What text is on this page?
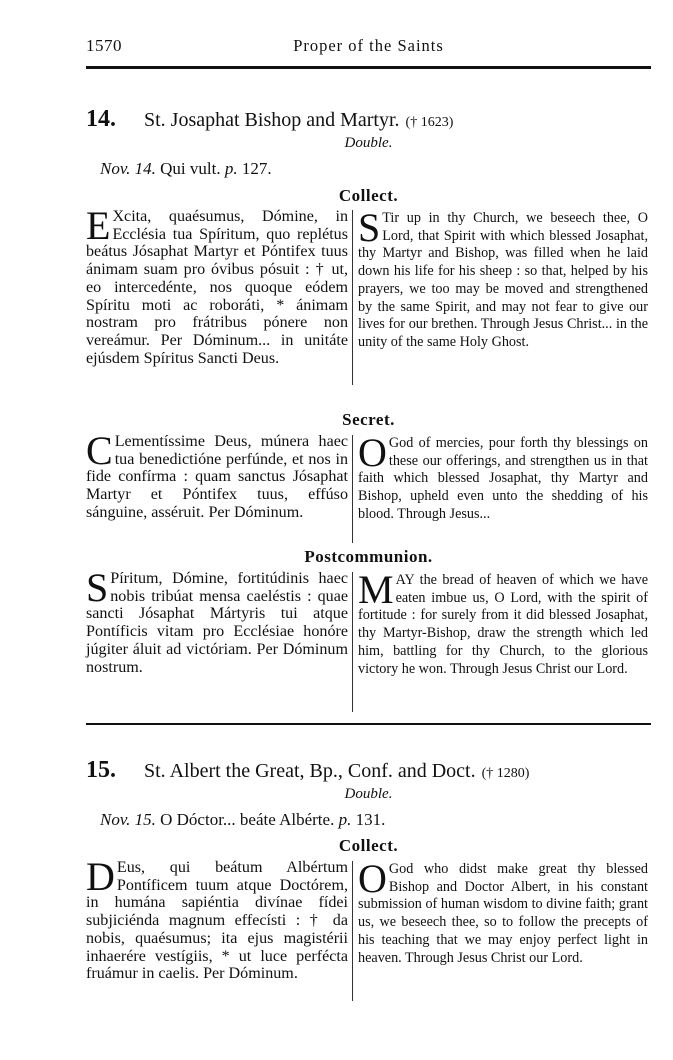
1570	Proper of the Saints
14. St. Josaphat Bishop and Martyr. († 1623)
Double.
Nov. 14. Qui vult. p. 127.
Collect.

E Xcita, quaésumus, Dómine, in Ecclésia tua Spíritum, quo replétus beátus Jósaphat Martyr et Póntifex tuus ánimam suam pro óvibus pósuit : † ut, eo intercedénte, nos quoque eódem Spíritu moti ac roboráti, * ánimam nostram pro frátribus pónere non vereámur. Per Dóminum... in unitáte ejúsdem Spíritus Sancti Deus.

S Tir up in thy Church, we beseech thee, O Lord, that Spirit with which blessed Josaphat, thy Martyr and Bishop, was filled when he laid down his life for his sheep : so that, helped by his prayers, we too may be moved and strengthened by the same Spirit, and may not fear to give our lives for our brethen. Through Jesus Christ... in the unity of the same Holy Ghost.

Secret.

C Lementíssime Deus, múnera haec tua benedictióne perfúnde, et nos in fide confírma : quam sanctus Jósaphat Martyr et Póntifex tuus, effúso sánguine, asséruit. Per Dóminum.

O God of mercies, pour forth thy blessings on these our offerings, and strengthen us in that faith which blessed Josaphat, thy Martyr and Bishop, upheld even unto the shedding of his blood. Through Jesus...

Postcommunion.

S Píritum, Dómine, fortitúdinis haec nobis tribúat mensa caeléstis : quae sancti Jósaphat Mártyris tui atque Pontíficis vitam pro Ecclésiae honóre júgiter áluit ad victóriam. Per Dóminum nostrum.

MAY the bread of heaven of which we have eaten imbue us, O Lord, with the spirit of fortitude : for surely from it did blessed Josaphat, thy Martyr-Bishop, draw the strength which led him, battling for thy Church, to the glorious victory he won. Through Jesus Christ our Lord.

15. St. Albert the Great, Bp., Conf. and Doct. († 1280)
Double.
Nov. 15. O Dóctor... beáte Albérte. p. 131.
Collect.

D Eus, qui beátum Albértum Pontíficem tuum atque Doctórem, in humána sapiéntia divínae fídei subjiciénda magnum effecísti : † da nobis, quaésumus; ita ejus magistérii inhaerére vestígiis, * ut luce perfécta fruámur in caelis. Per Dóminum.

O God who didst make great thy blessed Bishop and Doctor Albert, in his constant submission of human wisdom to divine faith; grant us, we beseech thee, so to follow the precepts of his teaching that we may enjoy perfect light in heaven. Through Jesus Christ our Lord.
